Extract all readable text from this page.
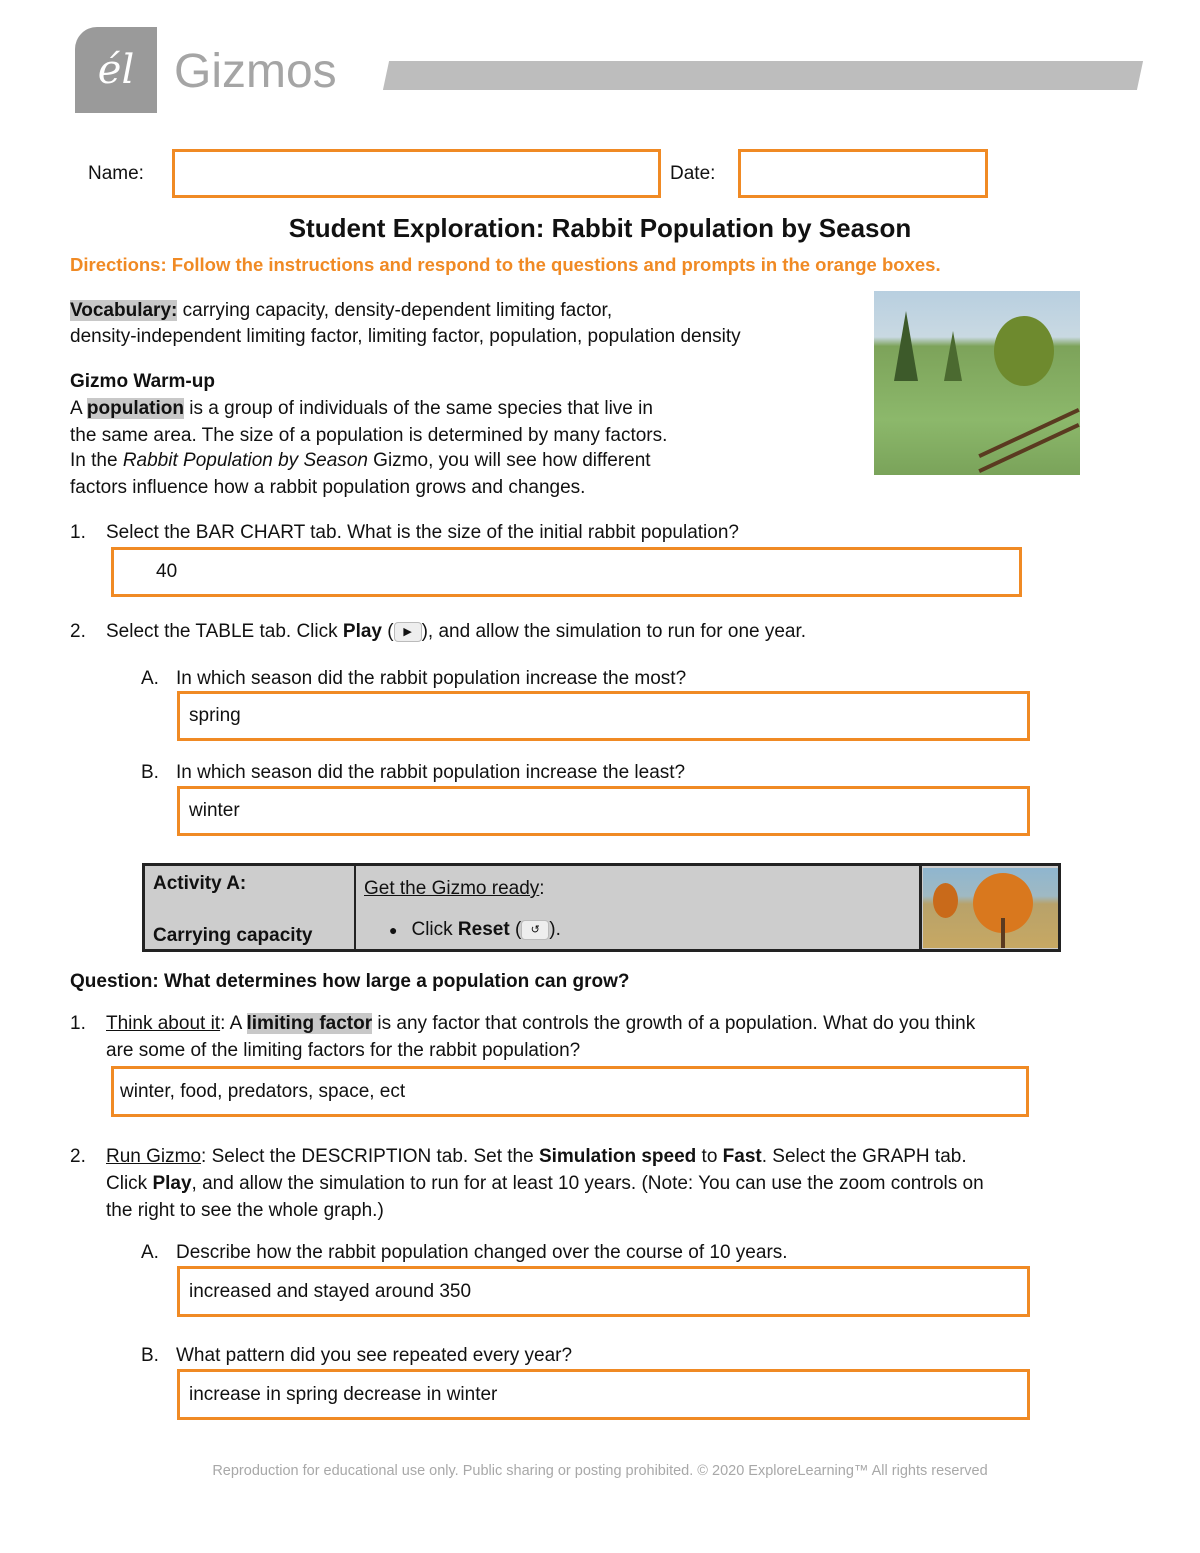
él Gizmos
Name:	Date:
Student Exploration: Rabbit Population by Season
Directions: Follow the instructions and respond to the questions and prompts in the orange boxes.
Vocabulary: carrying capacity, density-dependent limiting factor,
density-independent limiting factor, limiting factor, population, population density
Gizmo Warm-up
A population is a group of individuals of the same species that live in
the same area. The size of a population is determined by many factors.
In the Rabbit Population by Season Gizmo, you will see how different
factors influence how a rabbit population grows and changes.
1. Select the BAR CHART tab. What is the size of the initial rabbit population?
40
2. Select the TABLE tab. Click Play ( ▶ ), and allow the simulation to run for one year.
A. In which season did the rabbit population increase the most?
spring
B. In which season did the rabbit population increase the least?
winter
Activity A:
Carrying capacity
Get the Gizmo ready:
● Click Reset ( ↺ ).
Question: What determines how large a population can grow?
1. Think about it: A limiting factor is any factor that controls the growth of a population. What do you think
are some of the limiting factors for the rabbit population?
winter, food, predators, space, ect
2. Run Gizmo: Select the DESCRIPTION tab. Set the Simulation speed to Fast. Select the GRAPH tab.
Click Play, and allow the simulation to run for at least 10 years. (Note: You can use the zoom controls on
the right to see the whole graph.)
A. Describe how the rabbit population changed over the course of 10 years.
increased and stayed around 350
B. What pattern did you see repeated every year?
increase in spring decrease in winter
Reproduction for educational use only. Public sharing or posting prohibited. © 2020 ExploreLearning™ All rights reserved
